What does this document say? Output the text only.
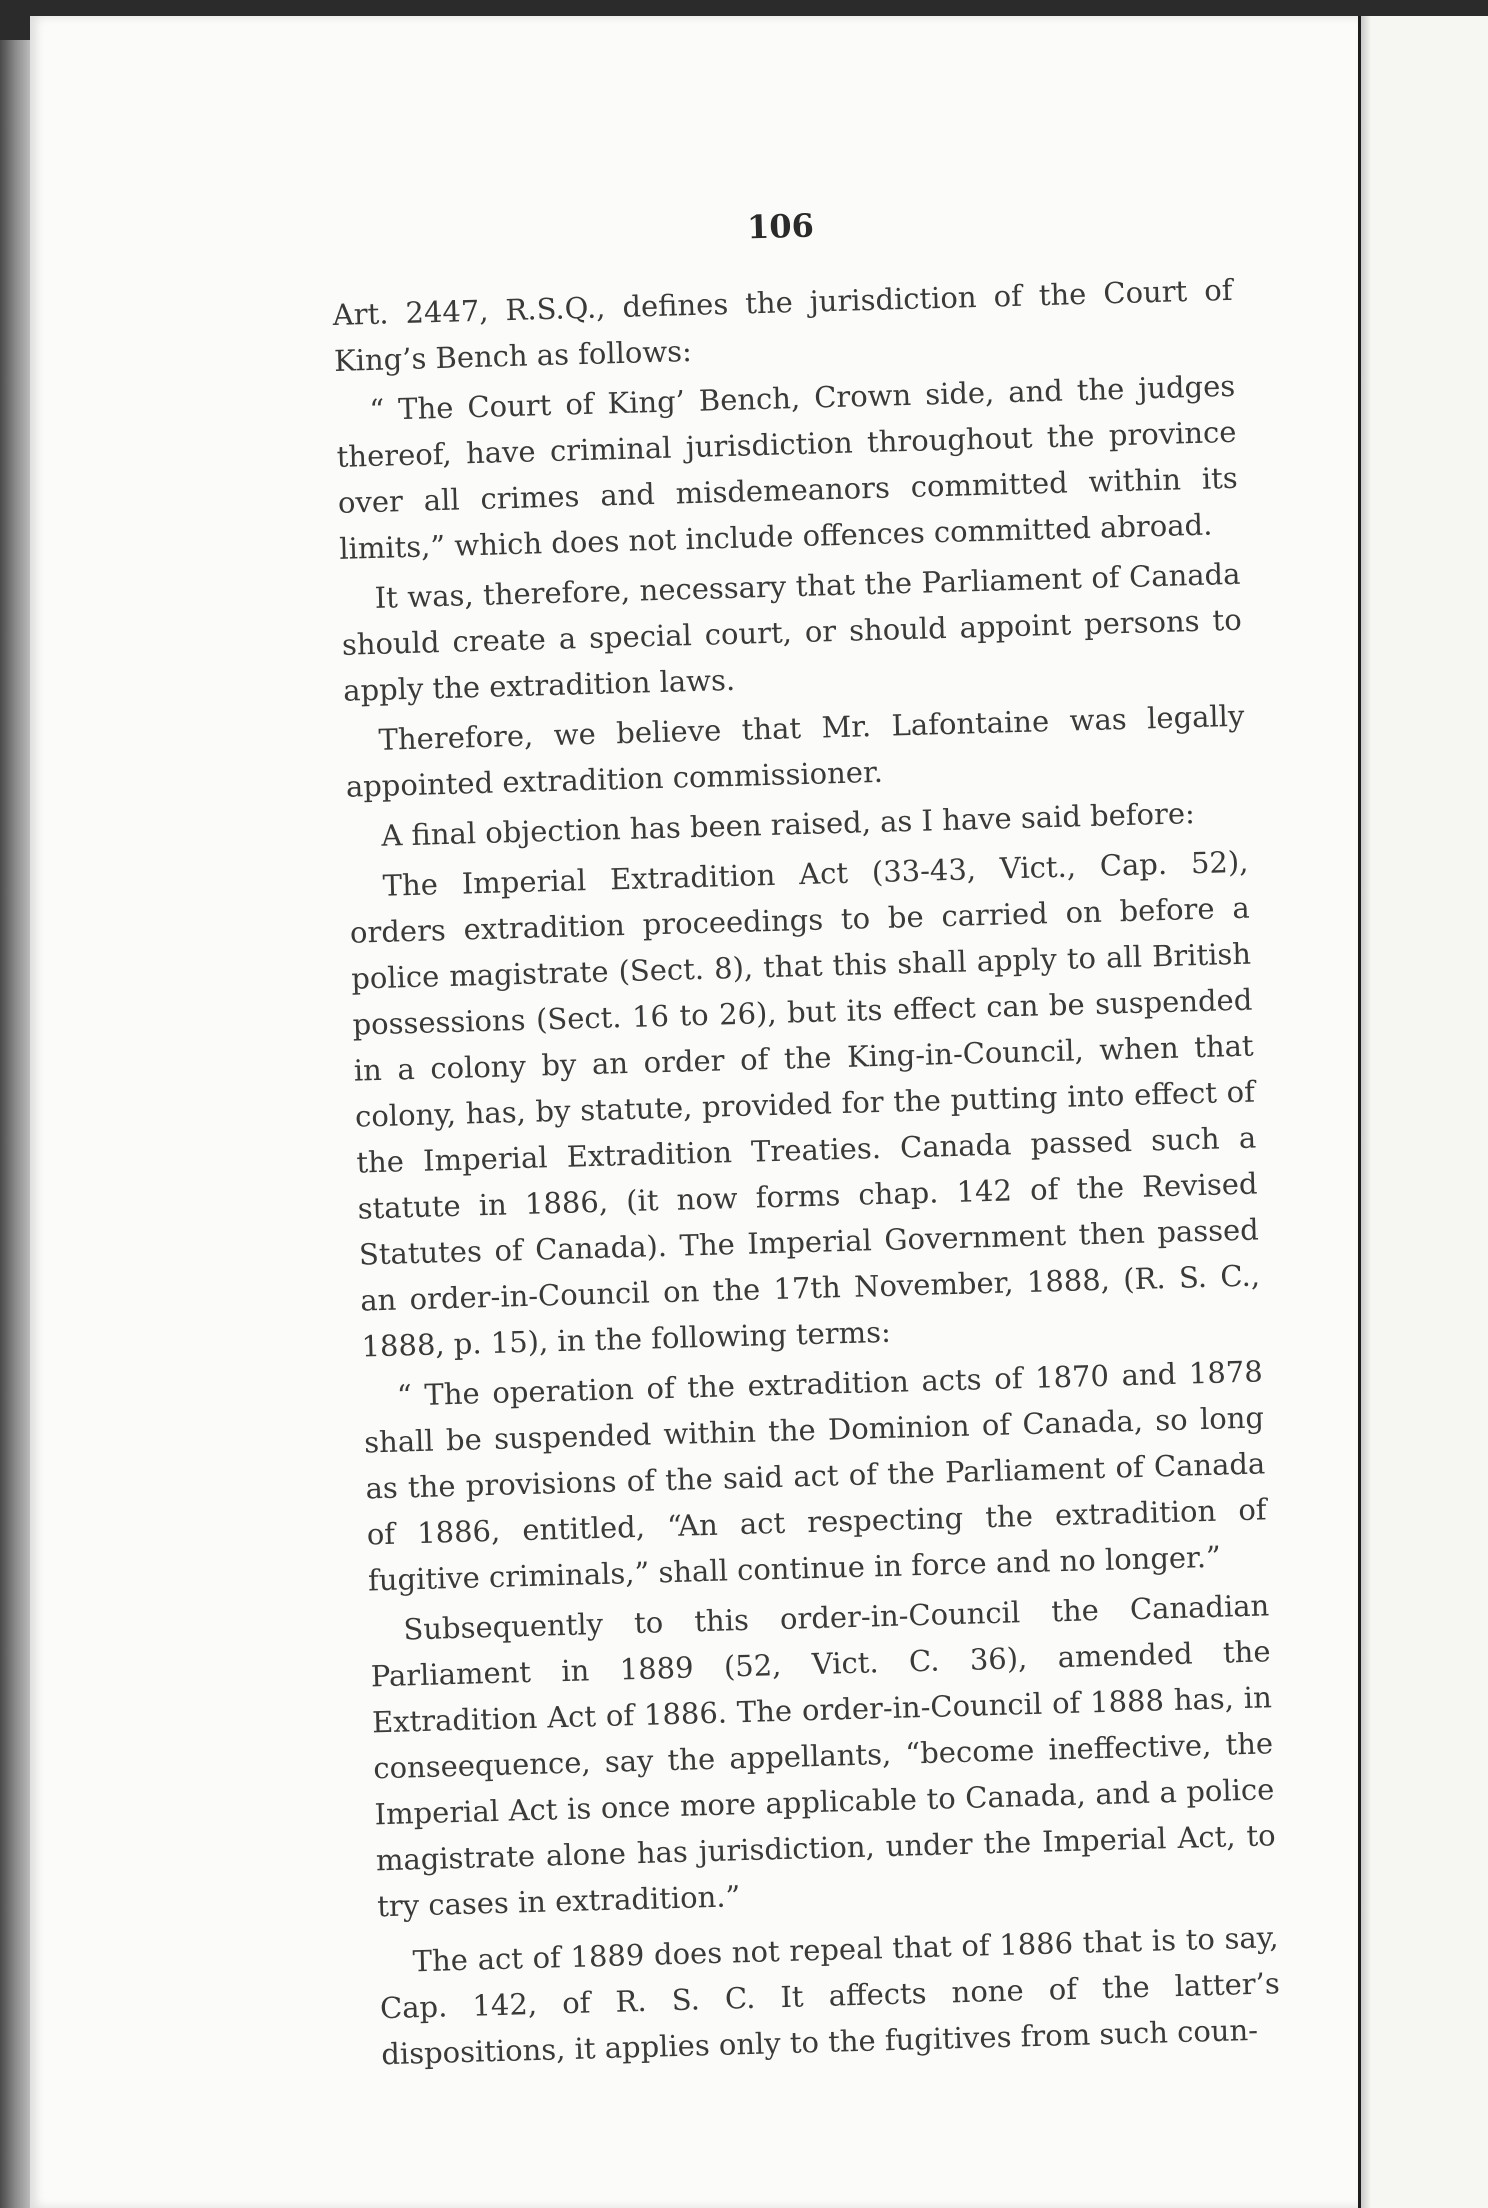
106

Art. 2447, R.S.Q., defines the jurisdiction of the Court of King’s Bench as follows:

“ The Court of King’ Bench, Crown side, and the judges thereof, have criminal jurisdiction throughout the province over all crimes and misdemeanors committed within its limits,” which does not include offences committed abroad.

It was, therefore, necessary that the Parliament of Canada should create a special court, or should appoint persons to apply the extradition laws.

Therefore, we believe that Mr. Lafontaine was legally appointed extradition commissioner.

A final objection has been raised, as I have said before:

The Imperial Extradition Act (33-43, Vict., Cap. 52), orders extradition proceedings to be carried on before a police magistrate (Sect. 8), that this shall apply to all British possessions (Sect. 16 to 26), but its effect can be suspended in a colony by an order of the King-in-Council, when that colony, has, by statute, provided for the putting into effect of the Imperial Extradition Treaties. Canada passed such a statute in 1886, (it now forms chap. 142 of the Revised Statutes of Canada). The Imperial Government then passed an order-in-Council on the 17th November, 1888, (R. S. C., 1888, p. 15), in the following terms:

“ The operation of the extradition acts of 1870 and 1878 shall be suspended within the Dominion of Canada, so long as the provisions of the said act of the Parliament of Canada of 1886, entitled, “An act respecting the extradition of fugitive criminals,” shall continue in force and no longer.”

Subsequently to this order-in-Council the Canadian Parliament in 1889 (52, Vict. C. 36), amended the Extradition Act of 1886. The order-in-Council of 1888 has, in conseequence, say the appellants, “become ineffective, the Imperial Act is once more applicable to Canada, and a police magistrate alone has jurisdiction, under the Imperial Act, to try cases in extradition.”

The act of 1889 does not repeal that of 1886 that is to say, Cap. 142, of R. S. C. It affects none of the latter’s dispositions, it applies only to the fugitives from such coun-
